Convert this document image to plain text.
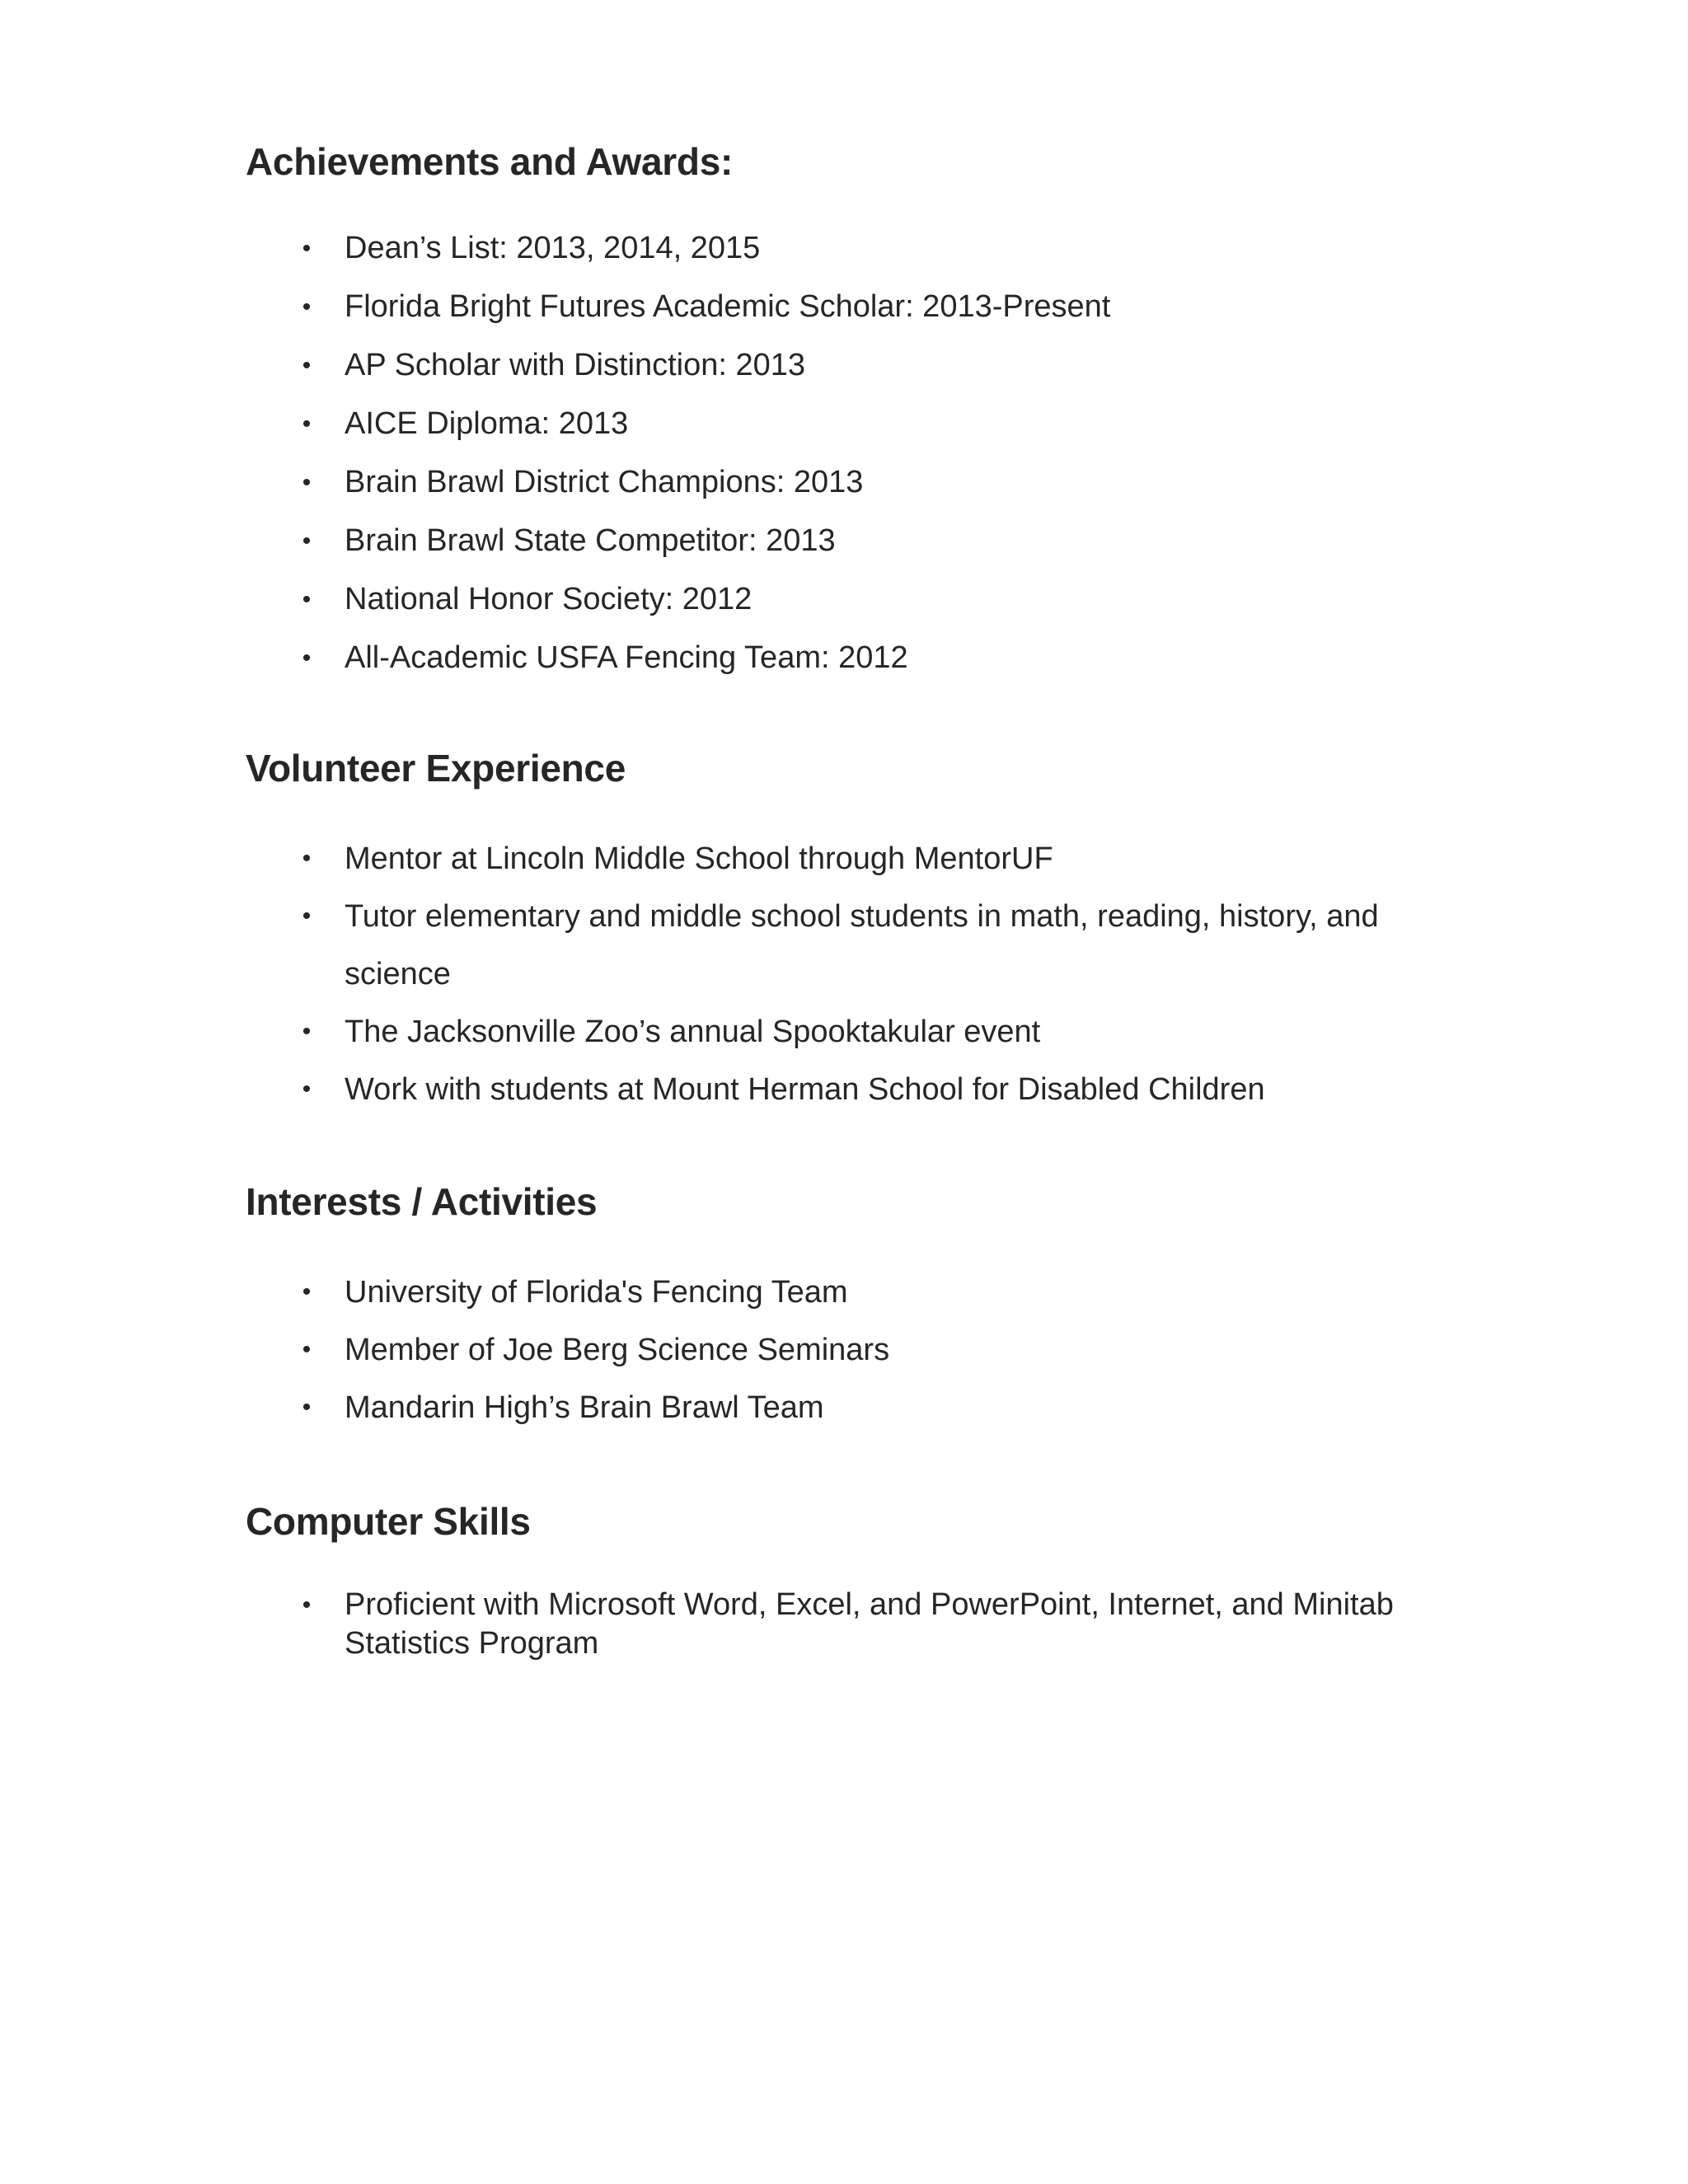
Achievements and Awards:
• Dean’s List: 2013, 2014, 2015
• Florida Bright Futures Academic Scholar: 2013-Present
• AP Scholar with Distinction: 2013
• AICE Diploma: 2013
• Brain Brawl District Champions: 2013
• Brain Brawl State Competitor: 2013
• National Honor Society: 2012
• All-Academic USFA Fencing Team: 2012
Volunteer Experience
• Mentor at Lincoln Middle School through MentorUF
• Tutor elementary and middle school students in math, reading, history, and science
• The Jacksonville Zoo’s annual Spooktakular event
• Work with students at Mount Herman School for Disabled Children
Interests / Activities
• University of Florida's Fencing Team
• Member of Joe Berg Science Seminars
• Mandarin High’s Brain Brawl Team
Computer Skills
• Proficient with Microsoft Word, Excel, and PowerPoint, Internet, and Minitab Statistics Program
